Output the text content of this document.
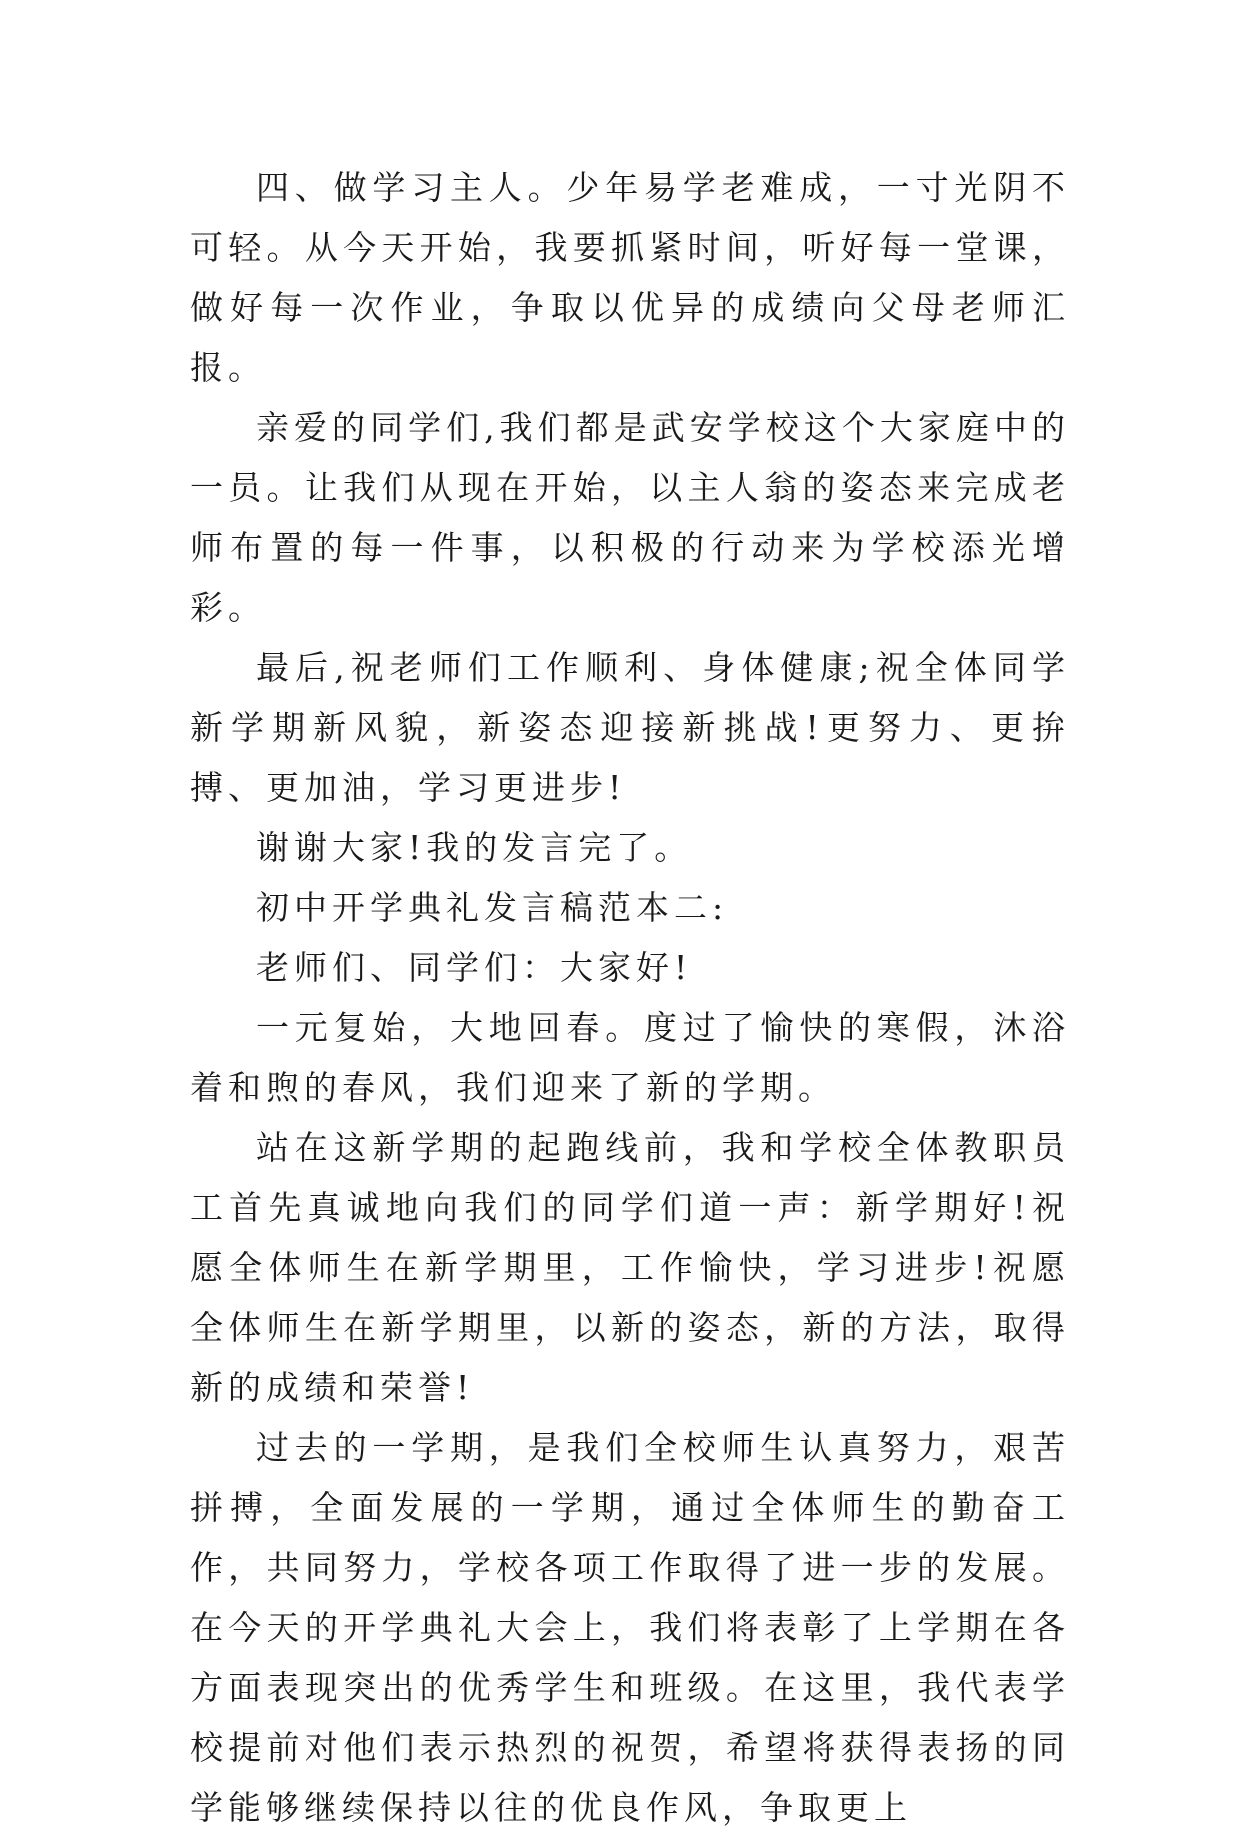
四、做学习主人。少年易学老难成，一寸光阴不可轻。从今天开始，我要抓紧时间，听好每一堂课，做好每一次作业，争取以优异的成绩向父母老师汇报。

亲爱的同学们,我们都是武安学校这个大家庭中的一员。让我们从现在开始，以主人翁的姿态来完成老师布置的每一件事，以积极的行动来为学校添光增彩。

最后,祝老师们工作顺利、身体健康;祝全体同学新学期新风貌，新姿态迎接新挑战!更努力、更拚搏、更加油，学习更进步!

谢谢大家!我的发言完了。

初中开学典礼发言稿范本二:

老师们、同学们：大家好!

一元复始，大地回春。度过了愉快的寒假，沐浴着和煦的春风，我们迎来了新的学期。

站在这新学期的起跑线前，我和学校全体教职员工首先真诚地向我们的同学们道一声：新学期好!祝愿全体师生在新学期里，工作愉快，学习进步!祝愿全体师生在新学期里，以新的姿态，新的方法，取得新的成绩和荣誉!

过去的一学期，是我们全校师生认真努力，艰苦拼搏，全面发展的一学期，通过全体师生的勤奋工作，共同努力，学校各项工作取得了进一步的发展。在今天的开学典礼大会上，我们将表彰了上学期在各方面表现突出的优秀学生和班级。在这里，我代表学校提前对他们表示热烈的祝贺，希望将获得表扬的同学能够继续保持以往的优良作风，争取更上
